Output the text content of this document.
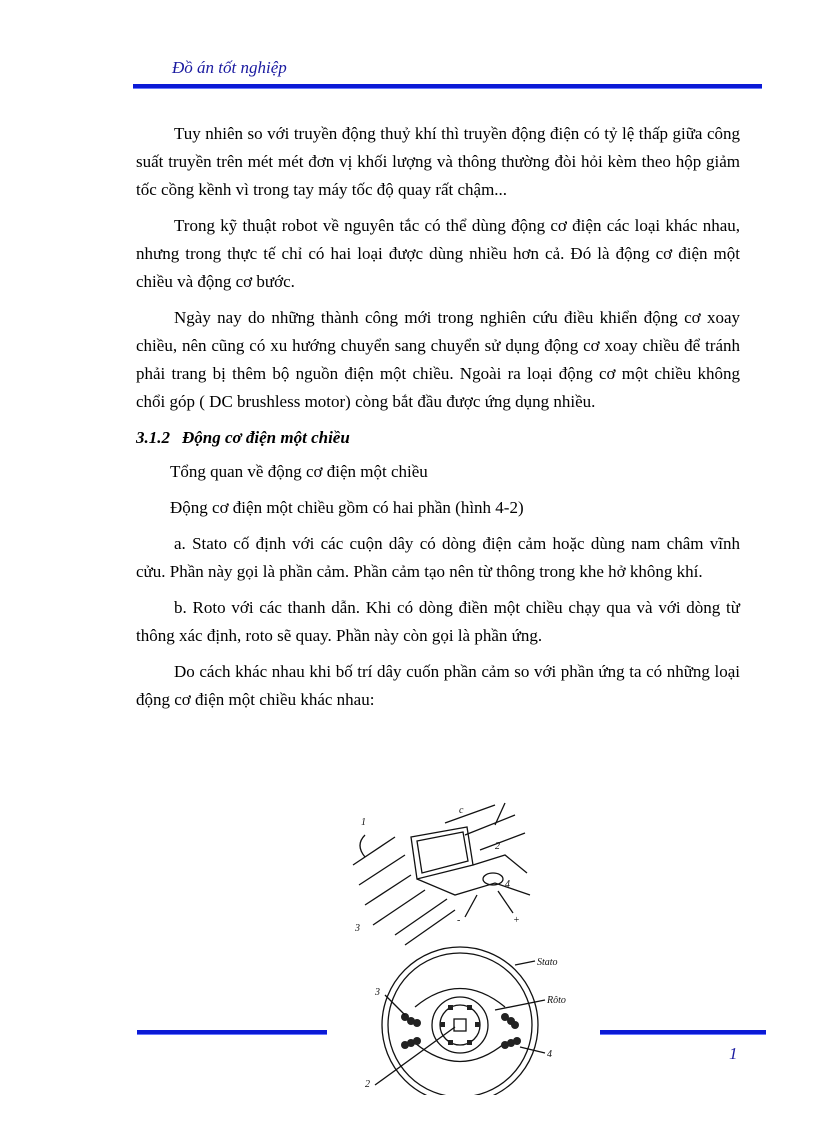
Đồ án tốt nghiệp

Tuy nhiên so với truyền động thuỷ khí thì truyền động điện có tỷ lệ thấp giữa công suất truyền trên mét mét đơn vị khối lượng và thông thường đòi hỏi kèm theo hộp giảm tốc cồng kềnh vì trong tay máy tốc độ quay rất chậm...

Trong kỹ thuật robot về nguyên tắc có thể dùng động cơ điện các loại khác nhau, nhưng trong thực tế chỉ có hai loại được dùng nhiều hơn cả. Đó là động cơ điện một chiều và động cơ bước.

Ngày nay do những thành công mới trong nghiên cứu điều khiển động cơ xoay chiều, nên cũng có xu hướng chuyển sang chuyển sử dụng động cơ xoay chiều để tránh phải trang bị thêm bộ nguồn điện một chiều. Ngoài ra loại động cơ một chiều không chổi góp ( DC brushless motor) còng bắt đầu được ứng dụng nhiều.

3.1.2 Động cơ điện một chiều

Tổng quan về động cơ điện một chiều

Động cơ điện một chiều gồm có hai phần (hình 4-2)

a. Stato cố định với các cuộn dây có dòng điện cảm hoặc dùng nam châm vĩnh cửu. Phần này gọi là phần cảm. Phần cảm tạo nên từ thông trong khe hở không khí.

b. Roto với các thanh dẫn. Khi có dòng điền một chiều chạy qua và với dòng từ thông xác định, roto sẽ quay. Phần này còn gọi là phần ứng.

Do cách khác nhau khi bố trí dây cuốn phần cảm so với phần ứng ta có những loại động cơ điện một chiều khác nhau:

1
c
2
4
3
+
-
Stato
Rôto
4
3
2
1
